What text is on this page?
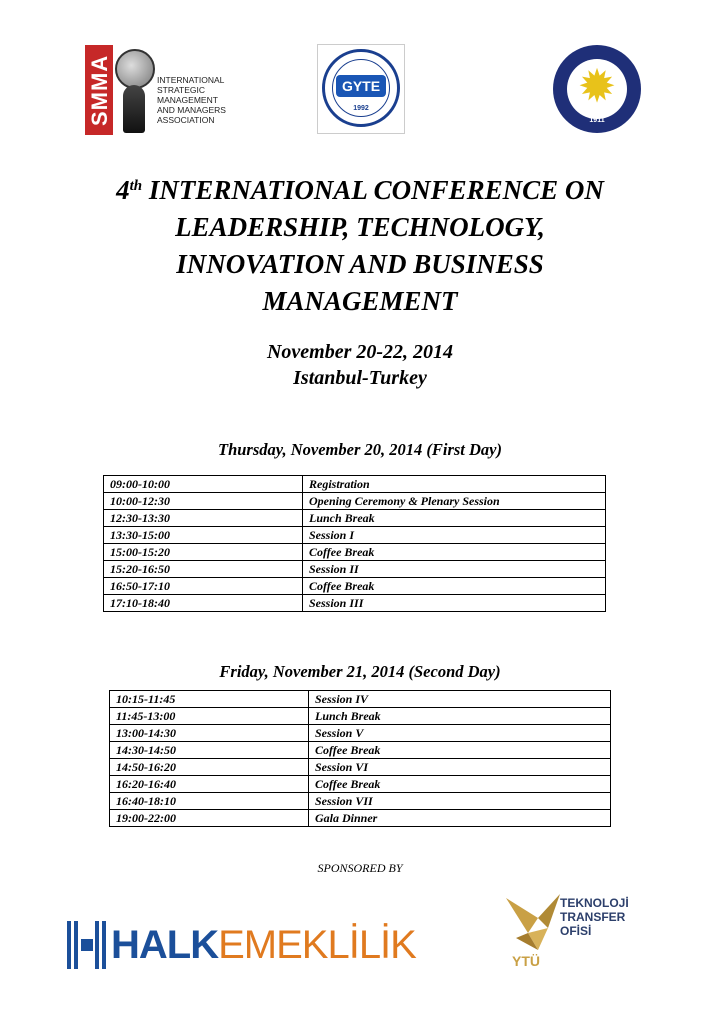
SMMA	INTERNATIONAL
STRATEGIC
MANAGEMENT
AND MANAGERS
ASSOCIATION
GYTE
1992	✹
1911
4th INTERNATIONAL CONFERENCE ON
LEADERSHIP, TECHNOLOGY,
INNOVATION AND BUSINESS
MANAGEMENT
November 20-22, 2014
Istanbul-Turkey
Thursday, November 20, 2014 (First Day)
09:00-10:00	Registration
10:00-12:30	Opening Ceremony & Plenary Session
12:30-13:30	Lunch Break
13:30-15:00	Session I
15:00-15:20	Coffee Break
15:20-16:50	Session II
16:50-17:10	Coffee Break
17:10-18:40	Session III
Friday, November 21, 2014 (Second Day)
10:15-11:45	Session IV
11:45-13:00	Lunch Break
13:00-14:30	Session V
14:30-14:50	Coffee Break
14:50-16:20	Session VI
16:20-16:40	Coffee Break
16:40-18:10	Session VII
19:00-22:00	Gala Dinner
SPONSORED BY
HALKEMEKLİLİK	YTÜ
TEKNOLOJİ
TRANSFER
OFİSİ
